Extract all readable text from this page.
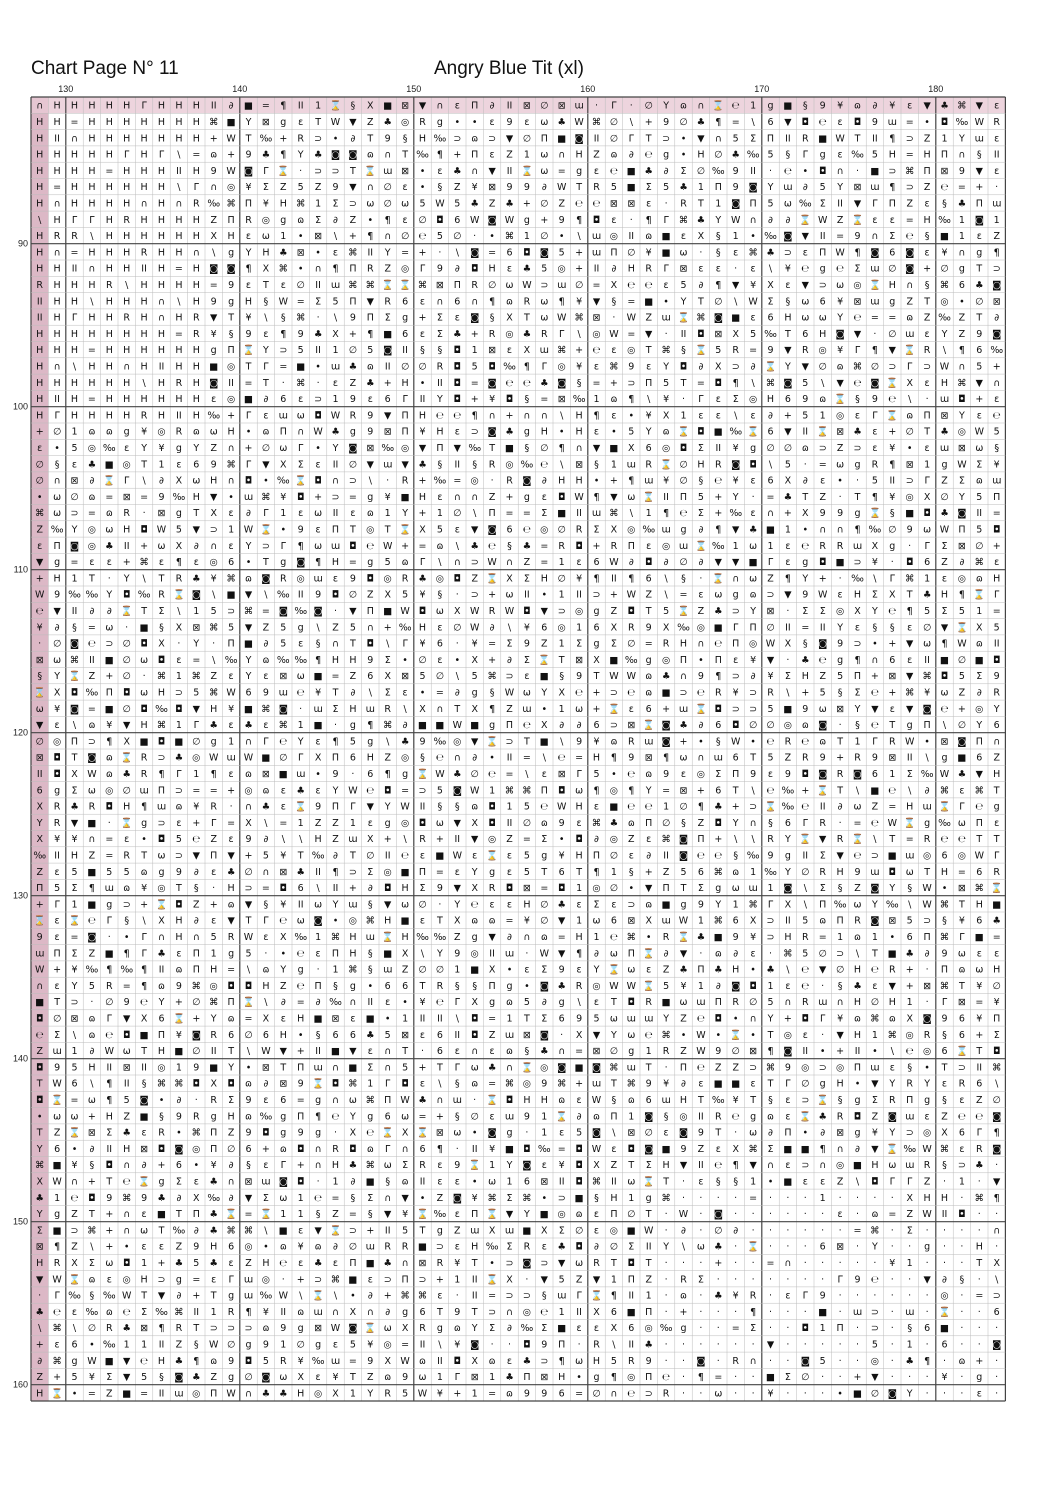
Chart Page N° 11	Angry Blue Tit (xl)
∩ H H H H H Γ H H H II ∂ ■ = ¶ II 1 ⌛ § X ■ ⊠ ▼ ∩ ɛ Π ∂ II ⊠ ∅ ⊠ ɯ · Γ · ∅ Y ɷ ∩ ⌛ ℮ 1 g ■ § 9 ¥ ɷ ∂ ¥ ɛ ▼ ♣ ⌘ ▼ ɛ
H H = H H H H H H H ⌘ ■ Y ⊠ g ε T W ▼ Z ♣ ◎ R g • • ε 9 ε ω ♣ W ⌘ ∅ \ + 9 ∅ ♣ ¶ = \ 6 ▼ ◘ ℮ ɛ ◘ 9 ɯ = • ◘ ‰ W R
H II ∩ H H H H H H H + W T ‰ + R ⊃ • ∂ T 9 § H ‰ ⊃ ɷ ⊃ ▼ ∅ Π ■ ◙ II ∅ Γ T ⊃ • ▼ ∩ 5 Σ Π II R ■ W T II ¶ ⊃ Z 1 Y ɯ ɛ
H H H H H Γ H Γ \ = ɷ + 9 ♣ ¶ Y ♣ ◙ ◙ ɷ ∩ T ‰ ¶ + Π ε Z 1 ω ∩ H Z ɷ ∂ ℮ g • H ∅ ♣ ‰ 5 § Γ g ε ‰ 5 H = H Π ∩ § II
H H H H = H H H II H 9 W ◙ Γ ⌛ · ⊃ ⊃ T ⌛ ɯ ⊠ • ɛ ♣ ∩ ▼ II ⌛ ω = g ɛ ℮ ■ ♣ ∂ Σ ∅ ‰ 9 II · ℮ • ◘ ∩ · ■ ⊃ ⌘ Π ⊠ 9 ▼ ɛ
H = H H H H H H \ Γ ∩ ◎ ¥ Σ Z 5 Z 9 ▼ ∩ ∅ ɛ • § Z ¥ ⊠ 9 9 ∂ W T R 5 ■ Σ 5 ♣ 1 Π 9 ◙ Y ɯ ∂ 5 Y ⊠ ɯ ¶ ⊃ Z ℮ = + ·
H ∩ H H H H ∩ H ∩ R ‰ ⌘ Π ¥ H ⌘ 1 Σ ⊃ ω ∅ ω 5 W 5 ♣ Z ♣ + ∅ Z ℮ ℮ ⊠ ⊠ ε · R T 1 ◙ Π 5 ω ‰ Σ II ▼ Γ Π Z ɛ § ♣ Π ɯ
\ H Γ Γ H R H H H H Z Π R ◎ g ɷ Σ ∂ Z • ¶ ε ∅ ◘ 6 W ◙ W g + 9 ¶ ◘ ɛ · ¶ Γ ⌘ ♣ Y W ∩ ∂ ∂ ⌛ W Z ⌛ ɛ ε = H ‰ 1 ◙ 1
H R R \ H H H H H H X H ɛ ω 1 • ⊠ \ + ¶ ∩ ∅ ℮ 5 ∅ · • ⌘ 1 ∅ • \ ɯ ◎ II ɷ ■ ɛ X § 1 • ‰ ◙ ▼ II = 9 ∩ Σ ℮ § ■ 1 ε Z
H ∩ = H H H R H H ∩ \ g Y H ♣ ⊠ • ɛ ⌘ II Y = + · \ ◙ = 6 ◘ ◙ 5 + ɯ Π ∅ ¥ ■ ω · § ε ⌘ ♣ ⊃ ɛ Π W ¶ ◙ 6 ◙ ε ¥ ∩ g ¶
H H II ∩ H H II H = H ◙ ◙ ¶ X ⌘ • ∩ ¶ Π R Z ◎ Γ 9 ∂ ◘ H ε ♣ 5 ◎ + II ∂ H R Γ ⊠ ε ε · ɛ \ ¥ ℮ g ℮ Σ ɯ ∅ ◙ + ∅ g T ⊃
R H H H R \ H H H H = 9 ɛ T ɛ ∅ II ɯ ⌘ ⌘ ⌛ ⌛ ⌘ ⊠ Π R ∅ ω W ⊃ ɯ ∅ = X ℮ ℮ ɛ 5 ∂ ¶ ▼ ¥ X ɛ ▼ ⊃ ω ◎ ⌛ H ∩ § ⌘ 6 ♣ ◙
II H H \ H H H ∩ \ H 9 g H § W = Σ 5 Π ▼ R 6 ɛ ∩ 6 ∩ ¶ ɷ R ω ¶ ¥ ▼ § = ■ • Y T ∅ \ W Σ § ω 6 ¥ ⊠ ɯ g Z T ◎ • ∅ ⊠
II H Γ H H R H ∩ H R ▼ T ¥ \ § ⌘ · \ 9 Π Σ g + Σ ɛ ◙ § X T ω W ⌘ ⊠ · W Z ɯ ⌛ ⌘ ◙ ■ ε 6 H ω ω Y ℮ = = ɷ Z ‰ Z T ∂
H H H H H H H H = R ¥ § 9 ɛ ¶ 9 ♣ X + ¶ ■ 6 ε Σ ♣ + R ◎ ♣ R Γ \ ◎ W = ▼ · II ◘ ⊠ X 5 ‰ T 6 H ◙ ▼ · ∅ ɯ ε Y Z 9 ◙
H H H = H H H H H H g Π ⌛ Y ⊃ 5 II 1 ∅ 5 ◙ II § § ◘ 1 ⊠ ε X ɯ ⌘ + ℮ ɛ ◎ T ⌘ § ⌛ 5 R = 9 ▼ R ◎ ¥ Γ ¶ ▼ ⌛ R \ ¶ 6 ‰
H ∩ \ H H ∩ H II H H ■ ◎ T Γ = ■ • ɯ ♣ ɷ II ∅ ∅ R ◘ 5 ◘ ‰ ¶ Γ ◎ ¥ ɛ ⌘ 9 ɛ Y ◘ ∂ X ⊃ ∂ ⌛ Y ▼ ∅ ɷ ⌘ ∅ ⊃ Γ ⊃ W ∩ 5 +
H H H H H H \ H R H ◙ II = T · ⌘ · ε Z ♣ + H • II ◘ = ◙ ℮ ℮ ♣ ◙ § = + ⊃ Π 5 T = ◘ ¶ \ ⌘ ◙ 5 \ ▼ ℮ ◙ ⌛ X ε H ⌘ ▼ ∩
H II H = H H H H H H ɛ ◎ ■ ∂ 6 ε ⊃ 1 9 ɛ 6 Γ II Y ◘ + ¥ ◘ § = ⊠ ‰ 1 ɷ ¶ \ ¥ · Γ ε Σ ◎ H 6 9 ɷ ⌛ § 9 ℮ \ · ɯ ◘ + ɛ
H Γ H H H H R H II H ‰ + Γ ɛ ɯ ω ◘ W R 9 ▼ Π H ℮ ℮ ¶ ∩ + ∩ ∩ \ H ¶ ε • ¥ X 1 ɛ ɛ \ ɛ ∂ + 5 1 ◎ ɛ Γ ⌛ ɷ Π ⊠ Y ε ℮
+ ∅ 1 ɷ ɷ g ¥ ◎ R ɷ ω H • ɷ Π ∩ W ♣ g 9 ⊠ Π ¥ H ε ⊃ ◙ ♣ g H • H ɛ • 5 Y ɷ ⌛ ◘ ■ ‰ ⌛ 6 ▼ II ⌛ ⊠ ♣ ɛ + ∅ T ♣ ◎ W 5
ɛ • 5 ◎ ‰ ε Y ¥ g Y Z ∩ + ∅ ω Γ • Y ◙ ⊠ ‰ ◎ ▼ Π ▼ ‰ T ■ § ∅ ¶ ∩ ▼ ■ X 6 ◎ ◘ Σ II ¥ g ∅ ∅ ɷ ⊃ Z ⊃ ɛ ¥ • ε ɯ ⊠ ω §
∅ § ε ♣ ■ ◎ T 1 ɛ 6 9 ⌘ Γ ▼ X Σ ε II ∅ ▼ ɯ ▼ ♣ § II § R ◎ ‰ ℮ \ ⊠ § 1 ɯ R ⌛ ∅ H R ◙ ◘ \ 5 · = ω g R ¶ ⊠ 1 g W Σ ¥
∅ ∩ ⊠ ∂ ⌛ Γ \ ∂ X ω H ∩ ◘ • ‰ ⌛ ◘ ∩ ⊃ \ · R + ‰ = ◎ · R ◙ ∂ H H • + ¶ ɯ ¥ ∅ § ℮ ¥ ɛ 6 X ∂ ɛ • · 5 II ⊃ Γ Z Σ ɷ ɯ
• ω ∅ ɷ = ⊠ = 9 ‰ H ▼ • ɯ ⌘ ¥ ◘ + ⊃ = g ¥ ■ H ε ∩ ∩ Z + g ɛ ◘ W ¶ ▼ ω ⌛ II Π 5 + Y · = ♣ T Z · T ¶ ¥ ◎ X ∅ Y 5 Π
⌘ ω ⊃ = ɷ R · ⊠ g T X ɛ ∂ Γ 1 ɛ ω II ɛ ɷ 1 Y + 1 ∅ \ Π = = Σ ■ II ɯ ⌘ \ 1 ¶ ℮ Σ + ‰ ɛ ∩ + X 9 9 g ⌛ § ■ ◘ ♣ ◙ II =
Z ‰ Y ◎ ω H ◘ W 5 ▼ ⊃ 1 W ⌛ • 9 ɛ Π T ◎ T ⌛ X 5 ε ▼ ◙ 6 ℮ ◎ ∅ R Σ X ◎ ‰ ɯ g ∂ ¶ ▼ ♣ ■ 1 • ∩ ∩ ¶ ‰ ∅ 9 ω W Π 5 ◘
ɛ Π ◙ ◎ ♣ II + ω X ∂ ∩ ε Y ⊃ Γ ¶ ω ɯ ◘ ℮ W + = ɷ \ ♣ ℮ § ♣ = R ◘ + R Π ɛ ◎ ɯ ⌛ ‰ 1 ω 1 ε ℮ R R ɯ X g · Γ Σ ⊠ ∅ +
▼ g = ε ɛ + ⌘ ɛ ¶ ɛ ◎ 6 • T g ◙ ¶ H = g 5 ɷ Γ \ ∩ ⊃ W ∩ Z = 1 ɛ 6 W ∂ ◘ ∂ ∅ ∂ ▼ ▼ ■ Γ ε g ◘ ■ ⊃ ¥ · ◘ 6 Z ∂ ⌘ ε
+ H 1 T · Y \ T R ♣ ¥ ⌘ ɷ ◙ R ◎ ɯ ɛ 9 ◘ ◎ R ♣ ◎ ◘ Z ⌛ X Σ H ∅ ¥ ¶ II ¶ 6 \ § · ⌛ ∩ ω Z ¶ Y + · ‰ \ Γ ⌘ 1 ε ◎ ɷ H
W 9 ‰ ‰ Y ◘ ‰ R ⌛ ◙ \ ■ ▼ \ ‰ II 9 ◘ ∅ Z X 5 ¥ § · ⊃ + ω II • 1 II ⊃ + W Z \ = ɛ ω g ɷ ⊃ ▼ 9 W ε H Σ X T ♣ H ¶ ⌛ Γ
℮ ▼ II ∂ ∂ ⌛ T Σ \ 1 5 ⊃ ⌘ = ◙ ‰ ◙ · ▼ Π ■ W ◘ ω X W R W ◘ ▼ ⊃ ◎ g Z ◘ T 5 ⌛ Z ♣ ⊃ Y ⊠ · Σ Σ ◎ X Y ℮ ¶ 5 Σ 5 1 =
¥ ∂ § = ω · ■ § X ⊠ ⌘ 5 ▼ Z 5 g \ Z 5 ∩ + ‰ H ε ∅ W ∂ \ ¥ 6 ◎ 1 6 X R 9 X ‰ ◎ ■ Γ Π ∅ II = II Y ε § § ɛ ∅ ▼ ⌛ X 5
· ∅ ◙ ℮ ⊃ ∅ ◘ X · Y · Π ■ ∂ 5 ɛ § ∩ T ◘ \ Γ ¥ 6 · ¥ = Σ 9 Z 1 Σ g Σ ∅ = R H ∩ ℮ Π ◎ W X § ◙ 9 ⊃ • + ▼ ω ¶ W ɷ II
⊠ ω ⌘ II ■ ∅ ω ◘ ɛ = \ ‰ Y ɷ ‰ ‰ ¶ H H 9 Σ • ∅ ε • X + ∂ Σ ⌛ T ⊠ X ■ ‰ g ◎ Π • Π ɛ ¥ ▼ · ♣ ℮ g ¶ ∩ 6 ε II ■ ∅ ■ ◘
§ Y ⌛ Z + ∅ · ⌘ 1 ⌘ Z ɛ Y ɛ ⊠ ω ■ = Z 6 X ⊠ 5 ∅ \ 5 ⌘ ⊃ ɛ ■ § 9 T W W ɷ ♣ ∩ 9 ¶ ⊃ ∂ ¥ Σ H Z 5 Π + ⊠ ▼ ⌘ ◘ 5 Σ 9
⌛ X ◘ ‰ Π ◘ ω H ⊃ 5 ⌘ W 6 9 ɯ ℮ ¥ T ∂ \ Σ ε • = ∂ g § W ω Y X ℮ + ⊃ ℮ ɷ ■ ⊃ ℮ R ¥ ⊃ R \ + 5 § Σ ℮ + ⌘ ¥ ω Z ∂ R
ω ¥ ◙ = ■ ∅ ◘ ‰ ◘ ▼ H ¥ ■ ⌘ ◙ · ɯ Σ H ɯ R \ X ∩ T X ¶ Z ɯ • 1 ω + ⌛ ε 6 + ɯ ⌛ ◘ ⊃ ⊃ 5 ■ 9 ω ⊠ Y ▼ ɛ ▼ ◙ ℮ + ◎ Y
▼ ɛ \ ɷ ¥ ▼ H ⌘ 1 Γ ♣ ɛ ♣ ɛ ⌘ 1 ■ · g ¶ ⌘ ∂ ■ ■ W ■ g Π ℮ X ∂ ∂ 6 ⊃ ⊠ ⌛ ◙ ♣ ∂ 6 ◘ ∅ ∅ ◎ ɷ ◙ · § ℮ T g Π \ ∅ Y 6
∅ ◎ Π ⊃ ¶ X ■ ◘ ■ ∅ g 1 ∩ Γ ℮ Y ε ¶ 5 g \ ♣ 9 ‰ ◎ ▼ ⌛ ⊃ T ■ \ 9 ¥ ɷ R ɯ ◙ + • § W • ℮ R ℮ ɷ T 1 Γ R W • ⊠ ◙ Π ∩
⊠ ◘ T ◙ ɷ ⌛ R ⊃ ♣ ◎ W ɯ W ■ ∅ Γ X Π 6 H Z ◎ § ℮ ∩ ∂ • II = \ ℮ = H ¶ 9 ⊠ ¶ ω ∩ ɯ 6 T 5 Z R 9 + R 9 ⊠ II \ g ■ 6 Z
II ◘ X W ɷ ♣ R ¶ Γ 1 ¶ ε ɷ ⊠ ■ ɯ • 9 · 6 ¶ g ⌛ W ♣ ∅ ℮ = \ ɛ ⊠ Γ 5 • ℮ ɷ 9 ε ◎ Σ Π 9 ε 9 ◘ ◙ R ◙ 6 1 Σ ‰ W ♣ ▼ H
6 g Σ ω ◎ ∅ ɯ Π ⊃ = = + ◎ ɷ ε ♣ ε Y W ℮ ◘ = ⊃ 5 ◙ W 1 ⌘ ⌘ Π ◘ ω ¶ ◎ ¶ Y = ⊠ + 6 T \ ℮ ‰ + ⌛ T \ ■ ℮ \ ∂ ⌘ ɛ ⌘ T
X R ♣ R ◘ H ¶ ɯ ɷ ¥ R · ∩ ♣ ɛ ⌛ 9 Π Γ ▼ Y W II § § ɷ ◘ 1 5 ℮ W H ɛ ■ ℮ ℮ 1 ∅ ¶ ♣ + ⊃ ⌛ ‰ ℮ II ∂ ω Z = H ɯ ⌛ Γ ℮ g
Y R ▼ ■ · ⌛ g ⊃ ε + Γ = X \ = 1 Z Z 1 ε g ◎ ◘ ω ▼ X ◘ II ∅ ɷ 9 ε ⌘ ♣ ɷ Π ∅ § Z ◘ Y ∩ § 6 Γ R · = ℮ W ⌛ g ‰ ω Π ε
X ¥ ¥ ∩ = ɛ • ◘ 5 ℮ Z ɛ 9 ∂ \ \ H Z ɯ X + \ R + II ▼ ◎ Z = Σ • ◘ ∂ ◎ Z ε ⌘ ◙ Π + \ \ R Y ⌛ ▼ R ⌛ \ T = R ℮ ℮ T T
‰ II H Z = R T ω ⊃ ▼ Π ▼ + 5 ¥ T ‰ ∂ T ∅ II ℮ ɛ ■ W ε ⌛ ε 5 g ¥ H Π ∅ ɛ ∂ II ◙ ℮ ℮ § ‰ 9 g II Σ ▼ ℮ ⊃ ■ ɯ ◎ 6 ◎ W Γ
Z ε 5 ■ 5 5 ɷ g 9 ∂ ε ♣ ∅ ∩ ⊠ ♣ II ¶ ⊃ Σ ◎ ■ Π = ɛ Y g ɛ 5 T 6 T ¶ 1 § + Z 5 6 ⌘ ɷ 1 ‰ Y ∅ R H 9 ɯ ◘ ω T H = 6 R
Π 5 Σ ¶ ɯ ɷ ¥ ◎ T § · H ⊃ = ◘ 6 \ II + ∂ ◘ H Σ 9 ▼ X R ◘ ⊠ = ◘ 1 ◎ ∅ • ▼ Π T Σ g ω ɯ 1 ◙ \ Σ § Z ◙ Y § W • ⊠ ⌘ ⌛
+ Γ 1 ■ g ⊃ + ⌛ ◘ Z + ɷ ▼ § ¥ II ω Y ɯ § ▼ ω ∅ · Y ℮ ɛ ε H ∅ ♣ ɛ Σ ɛ ⊃ ɷ ■ g 9 Y 1 ⌘ Γ X \ Π ‰ ω Y ‰ \ W ⌘ T H ■
⌛ ɛ ⌛ ℮ Γ § \ X H ∂ ε ▼ T Γ ℮ ω ◙ • ◎ ⌘ H ■ ɛ T X ɷ ɷ = ¥ ∅ ▼ 1 ω 6 ⊠ X ɯ W 1 ⌘ 6 X ⊃ II 5 ɷ Π R ◙ ⊠ 5 ⊃ § ¥ 6 ♣
9 ɛ = ◙ · • Γ ∩ H ∩ 5 R W ɛ X ‰ 1 ⌘ H ɯ ⌛ H ‰ ‰ Z g ▼ ∂ ∩ ɷ = H 1 ℮ ⌘ • R ⌛ ♣ ■ 9 ¥ ⊃ H R = 1 ɷ 1 • 6 Π ⌘ Γ ■ =
ɯ Π Σ Z ■ ¶ Γ ♣ ɛ Π 1 g 5 · • ℮ ɛ Π H § ■ X \ Y 9 ◎ II ɯ · W ▼ ¶ ∂ ω Π ⌛ ∂ ▼ · ɷ ∂ ɛ · ⌘ 5 ∅ ⊃ \ T ■ ♣ ∂ 9 ω ε ε
W + ¥ ‰ ¶ ‰ ¶ II ɷ Π H = \ ɷ Y g · 1 ⌘ § ɯ Z ∅ ∅ 1 ■ X • ε Σ 9 ɛ Y ⌛ ω ε Z ♣ Π ♣ H • ♣ \ ℮ ▼ ∅ H ℮ R + · Π ɷ ω H
∩ ɛ Y 5 R = ¶ ɷ 9 ⌘ ◎ ◘ ◘ H Z ℮ Π § g • 6 6 T R § § Π g • ◙ ♣ R ◎ W W ⌛ 5 ¥ 1 ∂ ◙ ◘ 1 ε ℮ · § ♣ ε ▼ + ⊠ ⌘ T ¥ ∅
■ T ⊃ · ∅ 9 ℮ Y + ∅ ⌘ Π ⌛ \ ∂ = ∂ ‰ ∩ II ε • ¥ ℮ Γ X g ɷ 5 ∂ g \ ε T ◘ R ■ ω ɯ Π R ∅ 5 ∩ R ɯ ∩ H ∅ H 1 · Γ ⊠ = ¥
◘ ∅ ⊠ ɷ Γ ▼ X 6 ⌛ + Y ɷ = X ε H ■ ⊠ ɛ ■ • 1 II II \ ◘ = 1 T Σ 6 9 5 ω ɯ ɯ Y Z ℮ ◘ • ∩ Y + ◘ Γ ¥ ɷ ⌘ ɷ X ◙ 9 6 ¥ Π
℮ Σ \ ɷ ℮ ◘ ■ Π ¥ ◙ R 6 ∅ 6 H • § 6 6 ♣ 5 ⊠ ε 6 II ◘ Z ɯ ⊠ ◙ · X ▼ Y ω ℮ ⌘ • W • ⌛ • T ◎ ε · ▼ H 1 ⌘ ◎ R § 6 + Σ
Z ɯ 1 ∂ W ω T H ■ ∅ II T \ W ▼ + II ■ ▼ ɛ ∩ T · 6 ε ∩ ε ɷ § ♣ ∩ = ⊠ ∅ g 1 R Z W 9 ∅ ⊠ ¶ ◙ II • + II • \ ℮ ◎ 6 ⌛ T ◘
◘ 9 5 H II ⊠ II ◎ 1 9 ■ Y • ⊠ T Π ɯ ∩ ■ Σ ∩ 5 + T Γ ω ♣ ∩ ⌛ ◎ ◙ ■ ◙ ⌘ ɯ T · Π ℮ Z Z ⊃ ⌘ 9 ◎ ⊃ ◎ Π ɯ ε § • T ⊃ II ⌘
T W 6 \ ¶ II § ⌘ ⌘ ◘ X ◘ ɷ ∂ ⊠ 9 ⌛ ◘ ⌘ 1 Γ ◘ ε \ § ɷ = ⌘ ◎ 9 ⌘ + ɯ T ⌘ 9 ¥ ∂ ɛ ■ ■ ɛ T Γ ∅ g H • ▼ Y R Y ɛ R 6 \
◘ ⌛ = ω ¶ 5 ◙ • ∂ · R Σ 9 ε 6 = g ∩ ω ⌘ Π W ♣ ∩ ɯ · ⌛ ◘ H H ɷ ɛ W § ɷ 6 ɯ H T ‰ ¥ T § ɛ ⊃ ⌛ § g Σ R Π g § ɛ Z ∅
• ω ω + H Z ■ § 9 R g H ɷ ‰ g Π ¶ ℮ Y g 6 ω = + § ∅ ε ɯ 9 1 ⌛ ∂ ɷ Π 1 ◙ § ◎ II R ℮ g ɷ ε ⌛ ♣ R ◘ Z ◙ ɯ ε Z ℮ ℮ ◙
T Z ⌛ ⊠ Σ ♣ ε R • ⌘ Π Z 9 ◘ g 9 g · X ℮ ⌛ X ⌛ ⊠ ω • ◙ g · 1 ε 5 ◙ \ ⊠ ∅ ɛ ◙ 9 T · ω ∂ Π • ∂ ⊠ g ¥ Y ⊃ ◎ X 6 Γ ¶
Y 6 • ∂ II H ⊠ ◘ ◙ ◎ Π ∅ 6 + ɷ ◘ ∩ R ◘ ɷ Γ ∩ 6 ¶ · II ¥ ■ ◘ ‰ = ◘ W ε ◘ ◙ ■ 9 Z ε X ⌘ Σ ■ ■ ¶ ∩ ∂ ▼ ⌛ ‰ W ⌘ ɛ R ◙
⌘ ■ ¥ § ◘ ∩ ∂ + 6 • ¥ ∂ § ɛ Γ + ∩ H ♣ ⌘ ω Σ R ɛ 9 ⌛ 1 Y ◙ ɛ ¥ ◘ X Z T Σ H ▼ II ℮ ¶ ▼ ∩ ε ⊃ ∩ ◎ ■ H ω ɯ R § ⊃ ♣ ·
X W ∩ + T ℮ ⌛ g Σ ɛ ♣ ∩ ⊠ ɯ ◙ ◘ · 1 ∂ ■ § ɷ II ε ε • ω 1 6 ⊠ II ◘ ⌘ II ω ⌛ T · ɛ § § 1 • ■ ε ɛ Z \ ◘ Γ Γ Z · 1 · ▼
♣ 1 ℮ ◘ 9 ⌘ 9 ♣ ∂ X ‰ ∂ ▼ Σ ω 1 ℮ = § Σ ∩ ▼ • Z ◙ ¥ ⌘ Σ ⌘ • ⊃ ■ § H 1 g ⌘ · · · · = · · · 1 · · · · X H H · ⌘ ¶
Y g Z T + ∩ ɛ ■ T Π ♣ ⌛ = ⌛ 1 1 § Z = § ▼ ¥ ⌛ ‰ ε Π ⌛ ▼ Y ■ ◎ ɷ ε Π ∅ T · W · ◙ · · · · · · ɛ · ɷ = Z W II ◘ · ·
Σ ■ ⊃ ⌘ + ∩ ω T ‰ ∂ ♣ ⌘ ⌘ \ ■ ɛ ▼ ⌛ ⊃ + II 5 T g Z ɯ X ɯ ■ X Σ ∅ ɛ ◎ ■ W · ∂ · ∅ ∂ · · · · · · = ⌘ · Σ · · · · ∩
⊠ ¶ Z \ + • ɛ ɛ Z 9 H 6 ◎ • ɷ ¥ ɷ ∂ ∅ ɯ R R ■ ⊃ ε H ‰ Σ R ε ♣ ◘ ∂ ∅ Σ II Y \ ω ♣ · ⌛ · · · 6 ⊠ · Y · · g · · H ·
H R X Σ ω ◘ 1 + ♣ 5 ♣ ε Z H ℮ ɛ ♣ ɛ Π ■ ♣ ∩ ⊠ R ¥ T • ⊃ ◙ ⊃ ▼ ω R T ◘ T · · · + · · = ∩ · · · · · ¥ 1 · · · T X
▼ W ⌛ ɷ ε ◎ H ⊃ g = ɛ Γ ɯ ◎ · + ⊃ ⌘ ■ ε ⊃ Π ⊃ + 1 II ⌛ X · ▼ 5 Z ▼ 1 Π Z · R Σ · · · · · · · Γ 9 ℮ · · ▼ ∂ § · \
· Γ ‰ § ‰ W T ▼ ∂ + T g ɯ ‰ W \ ⌛ \ • ∂ + ⌘ ⌘ ε · II = ⊃ ⊃ § ɯ Γ ⌛ ¶ II 1 · ɷ · ♣ ¥ R · ε Γ 9 · · · · · · ◎ · = ⊃
♣ ℮ ɛ ‰ ɷ ℮ Σ ‰ ⌘ II 1 R ¶ ¥ II ɷ ɯ ∩ X ∩ ∂ g 6 T 9 T ⊃ ∩ ◎ ℮ 1 II X 6 ■ Π · + · · · ¶ · · · ■ · ɯ ⊃ · ɯ · ⌛ · · 6
\ ⌘ \ ∅ R ♣ ⊠ ¶ R T ⊃ ⊃ ⊃ ɷ 9 g ⊠ W ◙ ⌛ ω X R g ɷ Y Σ ∂ ‰ Σ ■ ε ε X 6 ◎ ‰ g · · = Σ · · ◘ 1 Π · ⊃ · § 6 ■ · · ·
+ ε 6 • ‰ 1 1 II Z § W ∅ g 9 1 ∅ g ε 5 ¥ ◎ = II \ ¥ ◙ · · ◘ 9 Π · R \ II ♣ · · · · · · ▼ · · · · · 5 · 1 · 6 · · ◙
∂ ⌘ g W ■ ▼ ℮ H ♣ ¶ ɷ 9 ◘ 5 R ¥ ‰ ɯ = 9 X W ɷ II ◘ X ɷ ɛ ♣ ⊃ ¶ ω H 5 R 9 · · ◙ · R ∩ · · ◙ 5 · · ◎ · ♣ ¶ · ɷ + ·
Z + 5 ¥ Σ ▼ 5 § ◙ ♣ Z g ∅ ◙ ω X ε ¥ T Z ɷ 9 ω 1 Γ ⊠ 1 ♣ Π ⊠ H • g ¶ ◎ Π ℮ · ¶ = · · ■ Σ ∅ · · + ▼ · · · ¥ · g ·
H ⌛ • = Z ■ = II ɯ ◎ Π W ∩ ♣ ♣ H ◎ X 1 Y R 5 W ¥ + 1 = ɷ 9 9 6 = ∅ ∩ ℮ ⊃ R · · ω · · ¥ · · · • ■ ∅ ◙ Y · · · ɛ ·
130	140	150	160	170	180
90
100
110
120
130
140
150
160
